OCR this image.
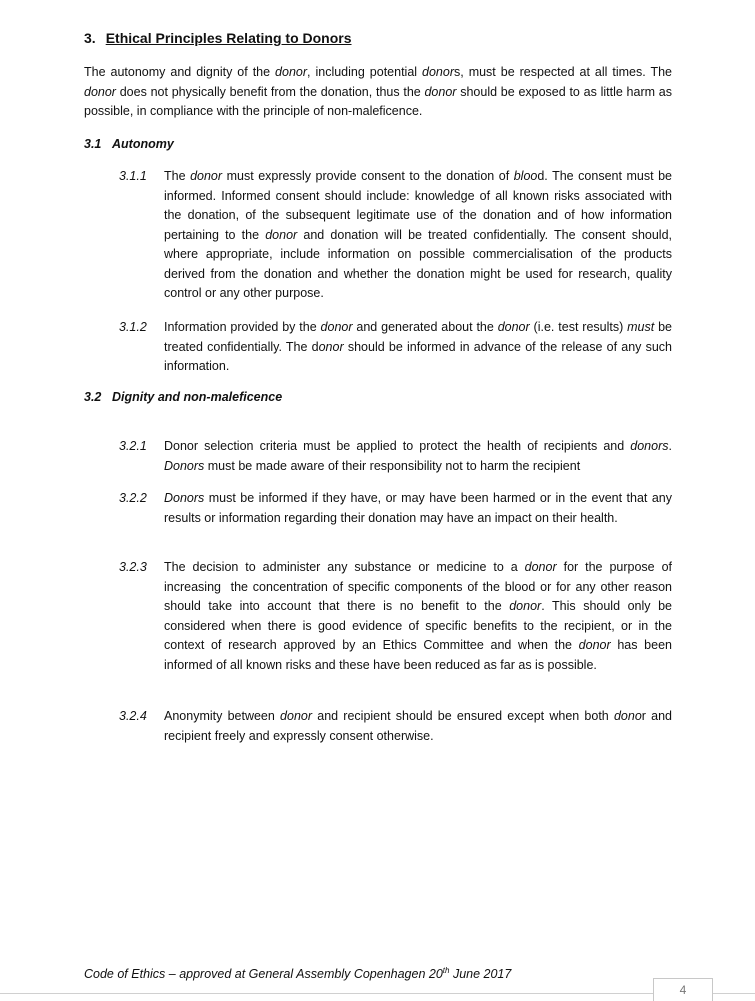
3. Ethical Principles Relating to Donors
The autonomy and dignity of the donor, including potential donors, must be respected at all times. The donor does not physically benefit from the donation, thus the donor should be exposed to as little harm as possible, in compliance with the principle of non-maleficence.
3.1 Autonomy
3.1.1	The donor must expressly provide consent to the donation of blood. The consent must be informed. Informed consent should include: knowledge of all known risks associated with the donation, of the subsequent legitimate use of the donation and of how information pertaining to the donor and donation will be treated confidentially. The consent should, where appropriate, include information on possible commercialisation of the products derived from the donation and whether the donation might be used for research, quality control or any other purpose.
3.1.2	Information provided by the donor and generated about the donor (i.e. test results) must be treated confidentially. The donor should be informed in advance of the release of any such information.
3.2 Dignity and non-maleficence
3.2.1	Donor selection criteria must be applied to protect the health of recipients and donors. Donors must be made aware of their responsibility not to harm the recipient
3.2.2	Donors must be informed if they have, or may have been harmed or in the event that any results or information regarding their donation may have an impact on their health.
3.2.3	The decision to administer any substance or medicine to a donor for the purpose of increasing  the concentration of specific components of the blood or for any other reason should take into account that there is no benefit to the donor. This should only be considered when there is good evidence of specific benefits to the recipient, or in the context of research approved by an Ethics Committee and when the donor has been informed of all known risks and these have been reduced as far as is possible.
3.2.4	Anonymity between donor and recipient should be ensured except when both donor and recipient freely and expressly consent otherwise.
Code of Ethics – approved at General Assembly Copenhagen 20th June 2017
4
